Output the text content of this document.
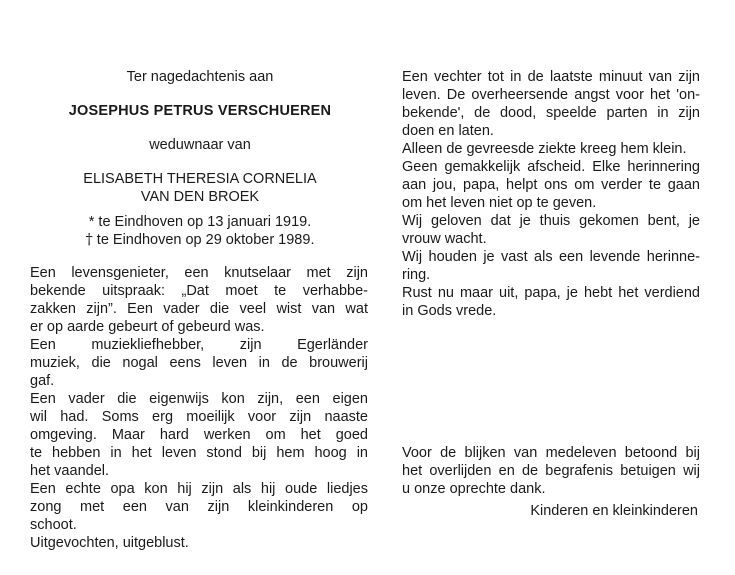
Ter nagedachtenis aan
JOSEPHUS PETRUS VERSCHUEREN
weduwnaar van
ELISABETH THERESIA CORNELIA
VAN DEN BROEK
* te Eindhoven op 13 januari 1919.
† te Eindhoven op 29 oktober 1989.
Een levensgenieter, een knutselaar met zijn
bekende uitspraak: „Dat moet te verhabbe-
zakken zijn”. Een vader die veel wist van wat
er op aarde gebeurt of gebeurd was.
Een muziekliefhebber, zijn Egerländer
muziek, die nogal eens leven in de brouwerij
gaf.
Een vader die eigenwijs kon zijn, een eigen
wil had. Soms erg moeilijk voor zijn naaste
omgeving. Maar hard werken om het goed
te hebben in het leven stond bij hem hoog in
het vaandel.
Een echte opa kon hij zijn als hij oude liedjes
zong met een van zijn kleinkinderen op
schoot.
Uitgevochten, uitgeblust.
Een vechter tot in de laatste minuut van zijn
leven. De overheersende angst voor het 'on-
bekende', de dood, speelde parten in zijn
doen en laten.
Alleen de gevreesde ziekte kreeg hem klein.
Geen gemakkelijk afscheid. Elke herinnering
aan jou, papa, helpt ons om verder te gaan
om het leven niet op te geven.
Wij geloven dat je thuis gekomen bent, je
vrouw wacht.
Wij houden je vast als een levende herinne-
ring.
Rust nu maar uit, papa, je hebt het verdiend
in Gods vrede.
Voor de blijken van medeleven betoond bij
het overlijden en de begrafenis betuigen wij
u onze oprechte dank.
Kinderen en kleinkinderen
